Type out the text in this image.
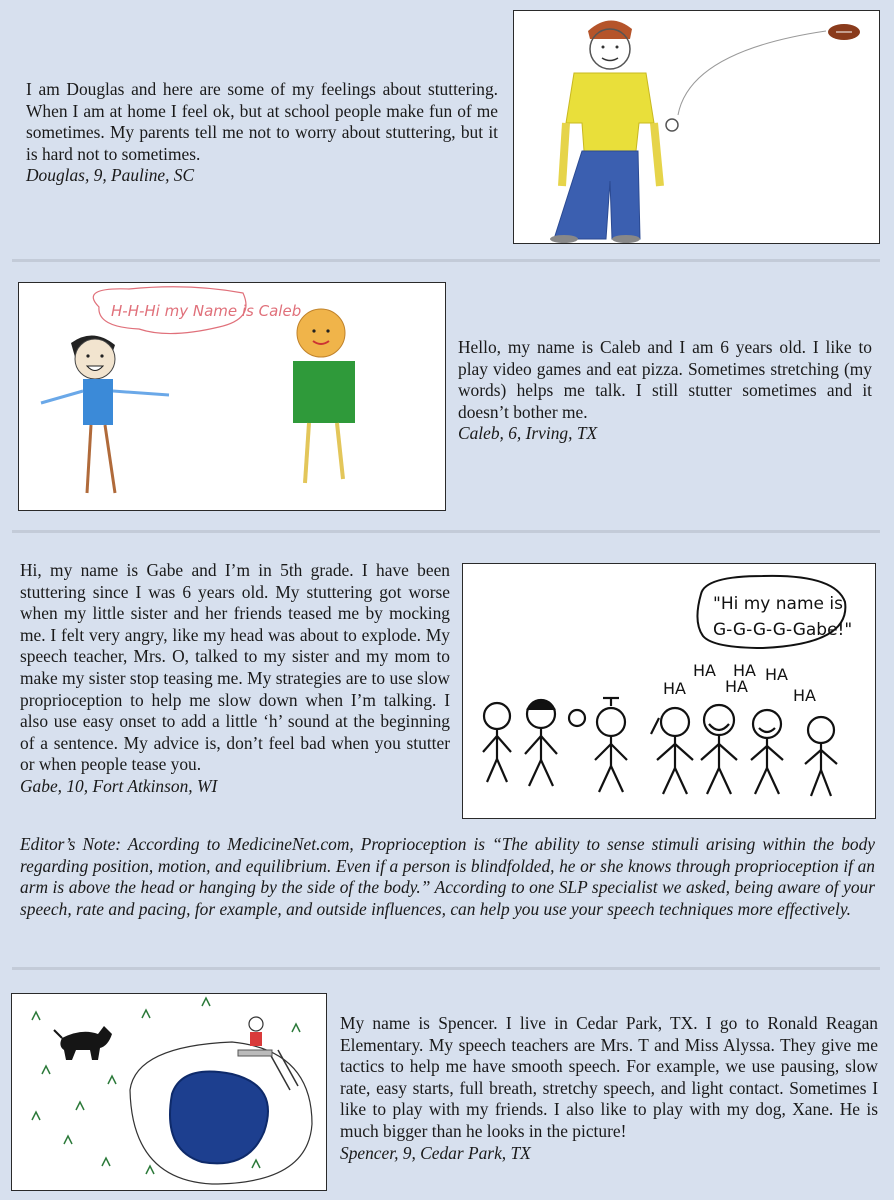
I am Douglas and here are some of my feelings about stuttering. When I am at home I feel ok, but at school people make fun of me sometimes. My parents tell me not to worry about stuttering, but it is hard not to sometimes.

Douglas, 9, Pauline, SC
H-H-Hi my Name is Caleb

Hello, my name is Caleb and I am 6 years old. I like to play video games and eat pizza. Sometimes stretching (my words) helps me talk. I still stutter sometimes and it doesn’t bother me.

Caleb, 6, Irving, TX

Hi, my name is Gabe and I’m in 5th grade. I have been stuttering since I was 6 years old. My stuttering got worse when my little sister and her friends teased me by mocking me. I felt very angry, like my head was about to explode. My speech teacher, Mrs. O, talked to my sister and my mom to make my sister stop teasing me. My strategies are to use slow proprioception to help me slow down when I’m talking. I also use easy onset to add a little ‘h’ sound at the beginning of a sentence. My advice is, don’t feel bad when you stutter or when people tease you.

Gabe, 10, Fort Atkinson, WI
"Hi my name is
G-G-G-G-Gabe!"
HA
HA
HA HA
HA	HA

Editor’s Note: According to MedicineNet.com, Proprioception is “The ability to sense stimuli arising within the body regarding position, motion, and equilibrium. Even if a person is blindfolded, he or she knows through proprioception if an arm is above the head or hanging by the side of the body.” According to one SLP specialist we asked, being aware of your speech, rate and pacing, for example, and outside influences, can help you use your speech techniques more effectively.

My name is Spencer. I live in Cedar Park, TX. I go to Ronald Reagan Elementary. My speech teachers are Mrs. T and Miss Alyssa. They give me tactics to help me have smooth speech. For example, we use pausing, slow rate, easy starts, full breath, stretchy speech, and light contact. Sometimes I like to play with my friends. I also like to play with my dog, Xane. He is much bigger than he looks in the picture!

Spencer, 9, Cedar Park, TX
